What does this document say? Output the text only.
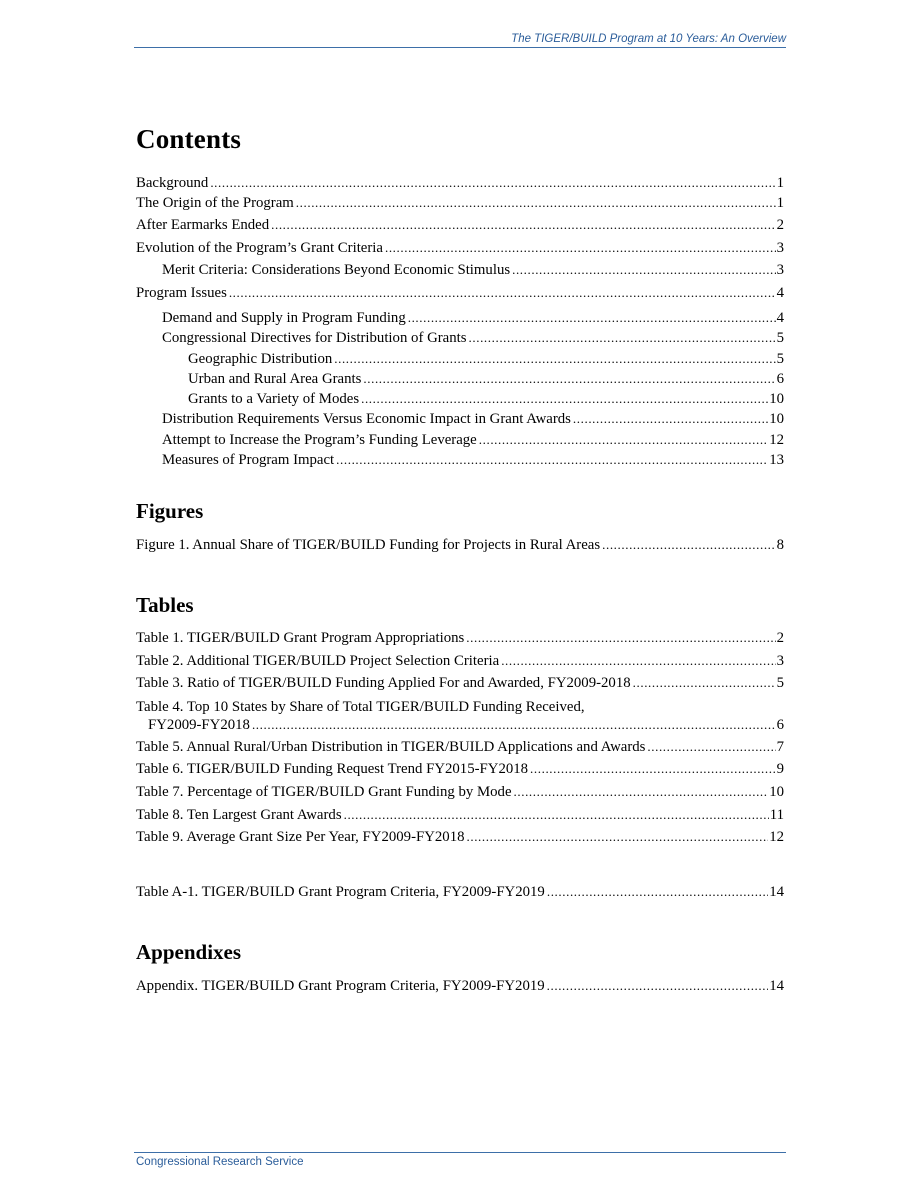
The TIGER/BUILD Program at 10 Years: An Overview
Contents
Background .....	1
The Origin of the Program .....	1
After Earmarks Ended .....	2
Evolution of the Program’s Grant Criteria .....	3
Merit Criteria: Considerations Beyond Economic Stimulus .....	3
Program Issues .....	4
Demand and Supply in Program Funding .....	4
Congressional Directives for Distribution of Grants .....	5
Geographic Distribution .....	5
Urban and Rural Area Grants .....	6
Grants to a Variety of Modes .....	10
Distribution Requirements Versus Economic Impact in Grant Awards .....	10
Attempt to Increase the Program’s Funding Leverage .....	12
Measures of Program Impact .....	13
Figures
Figure 1. Annual Share of TIGER/BUILD Funding for Projects in Rural Areas .....	8
Tables
Table 1. TIGER/BUILD Grant Program Appropriations .....	2
Table 2. Additional TIGER/BUILD Project Selection Criteria .....	3
Table 3. Ratio of TIGER/BUILD Funding Applied For and Awarded, FY2009-2018 .....	5
Table 4. Top 10 States by Share of Total TIGER/BUILD Funding Received,
FY2009-FY2018 .....	6
Table 5. Annual Rural/Urban Distribution in TIGER/BUILD Applications and Awards .....	7
Table 6. TIGER/BUILD Funding Request Trend FY2015-FY2018 .....	9
Table 7. Percentage of TIGER/BUILD Grant Funding by Mode .....	10
Table 8. Ten Largest Grant Awards .....	11
Table 9. Average Grant Size Per Year, FY2009-FY2018 .....	12
Table A-1. TIGER/BUILD Grant Program Criteria, FY2009-FY2019 .....	14
Appendixes
Appendix. TIGER/BUILD Grant Program Criteria, FY2009-FY2019 .....	14
Congressional Research Service
